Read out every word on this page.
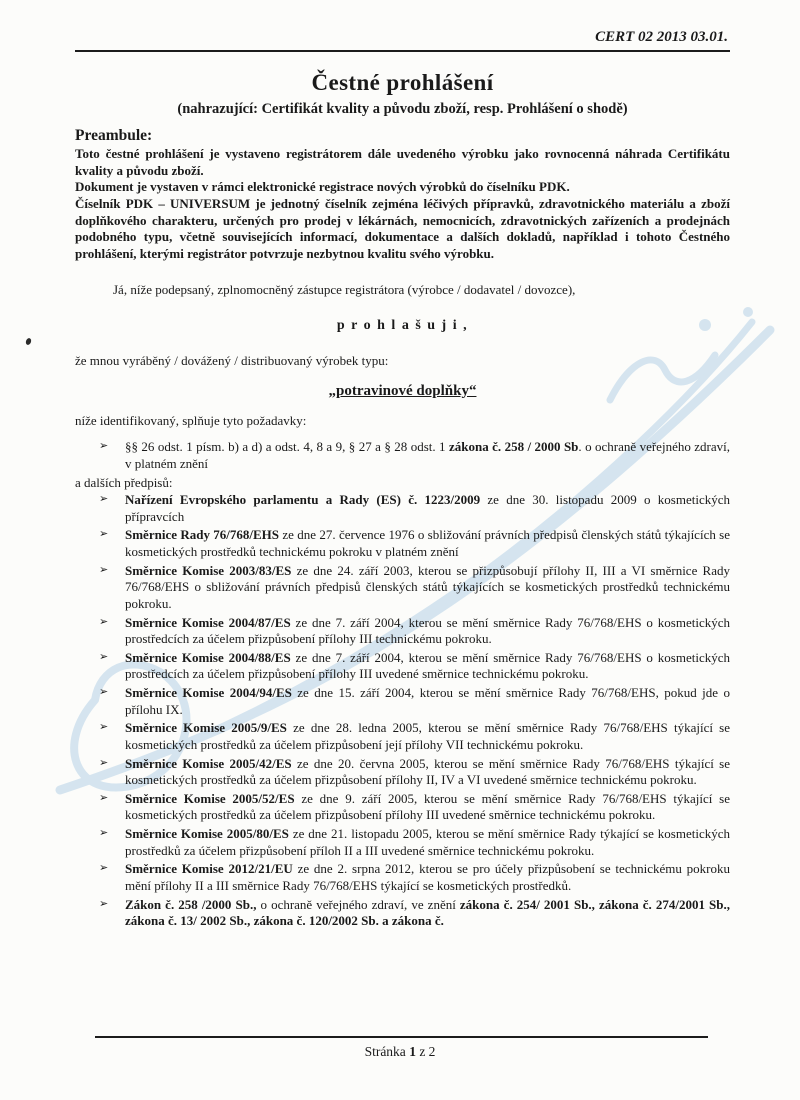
CERT 02 2013 03.01.
Čestné prohlášení
(nahrazující: Certifikát kvality a původu zboží, resp. Prohlášení o shodě)
Preambule:

Toto čestné prohlášení je vystaveno registrátorem dále uvedeného výrobku jako rovnocenná náhrada Certifikátu kvality a původu zboží.

Dokument je vystaven v rámci elektronické registrace nových výrobků do číselníku PDK.

Číselník PDK – UNIVERSUM je jednotný číselník zejména léčivých přípravků, zdravotnického materiálu a zboží doplňkového charakteru, určených pro prodej v lékárnách, nemocnicích, zdravotnických zařízeních a prodejnách podobného typu, včetně souvisejících informací, dokumentace a dalších dokladů, například i tohoto Čestného prohlášení, kterými registrátor potvrzuje nezbytnou kvalitu svého výrobku.

Já, níže podepsaný, zplnomocněný zástupce registrátora (výrobce / dodavatel / dovozce),

p r o h l a š u j i ,

že mnou vyráběný / dovážený / distribuovaný výrobek typu:

„potravinové doplňky“

níže identifikovaný, splňuje tyto požadavky:

➢ §§ 26 odst. 1 písm. b) a d) a odst. 4, 8 a 9, § 27 a § 28 odst. 1 zákona č. 258 / 2000 Sb. o ochraně veřejného zdraví, v platném znění
a dalších předpisů:
➢ Nařízení Evropského parlamentu a Rady (ES) č. 1223/2009 ze dne 30. listopadu 2009 o kosmetických přípravcích
➢ Směrnice Rady 76/768/EHS ze dne 27. července 1976 o sbližování právních předpisů členských států týkajících se kosmetických prostředků technickému pokroku v platném znění
➢ Směrnice Komise 2003/83/ES ze dne 24. září 2003, kterou se přizpůsobují přílohy II, III a VI směrnice Rady 76/768/EHS o sbližování právních předpisů členských států týkajících se kosmetických prostředků technickému pokroku.
➢ Směrnice Komise 2004/87/ES ze dne 7. září 2004, kterou se mění směrnice Rady 76/768/EHS o kosmetických prostředcích za účelem přizpůsobení přílohy III technickému pokroku.
➢ Směrnice Komise 2004/88/ES ze dne 7. září 2004, kterou se mění směrnice Rady 76/768/EHS o kosmetických prostředcích za účelem přizpůsobení přílohy III uvedené směrnice technickému pokroku.
➢ Směrnice Komise 2004/94/ES ze dne 15. září 2004, kterou se mění směrnice Rady 76/768/EHS, pokud jde o přílohu IX.
➢ Směrnice Komise 2005/9/ES ze dne 28. ledna 2005, kterou se mění směrnice Rady 76/768/EHS týkající se kosmetických prostředků za účelem přizpůsobení její přílohy VII technickému pokroku.
➢ Směrnice Komise 2005/42/ES ze dne 20. června 2005, kterou se mění směrnice Rady 76/768/EHS týkající se kosmetických prostředků za účelem přizpůsobení přílohy II, IV a VI uvedené směrnice technickému pokroku.
➢ Směrnice Komise 2005/52/ES ze dne 9. září 2005, kterou se mění směrnice Rady 76/768/EHS týkající se kosmetických prostředků za účelem přizpůsobení přílohy III uvedené směrnice technickému pokroku.
➢ Směrnice Komise 2005/80/ES ze dne 21. listopadu 2005, kterou se mění směrnice Rady týkající se kosmetických prostředků za účelem přizpůsobení příloh II a III uvedené směrnice technickému pokroku.
➢ Směrnice Komise 2012/21/EU ze dne 2. srpna 2012, kterou se pro účely přizpůsobení se technickému pokroku mění přílohy II a III směrnice Rady 76/768/EHS týkající se kosmetických prostředků.
➢ Zákon č. 258 /2000 Sb., o ochraně veřejného zdraví, ve znění zákona č. 254/ 2001 Sb., zákona č. 274/2001 Sb., zákona č. 13/ 2002 Sb., zákona č. 120/2002 Sb. a zákona č.
Stránka 1 z 2
